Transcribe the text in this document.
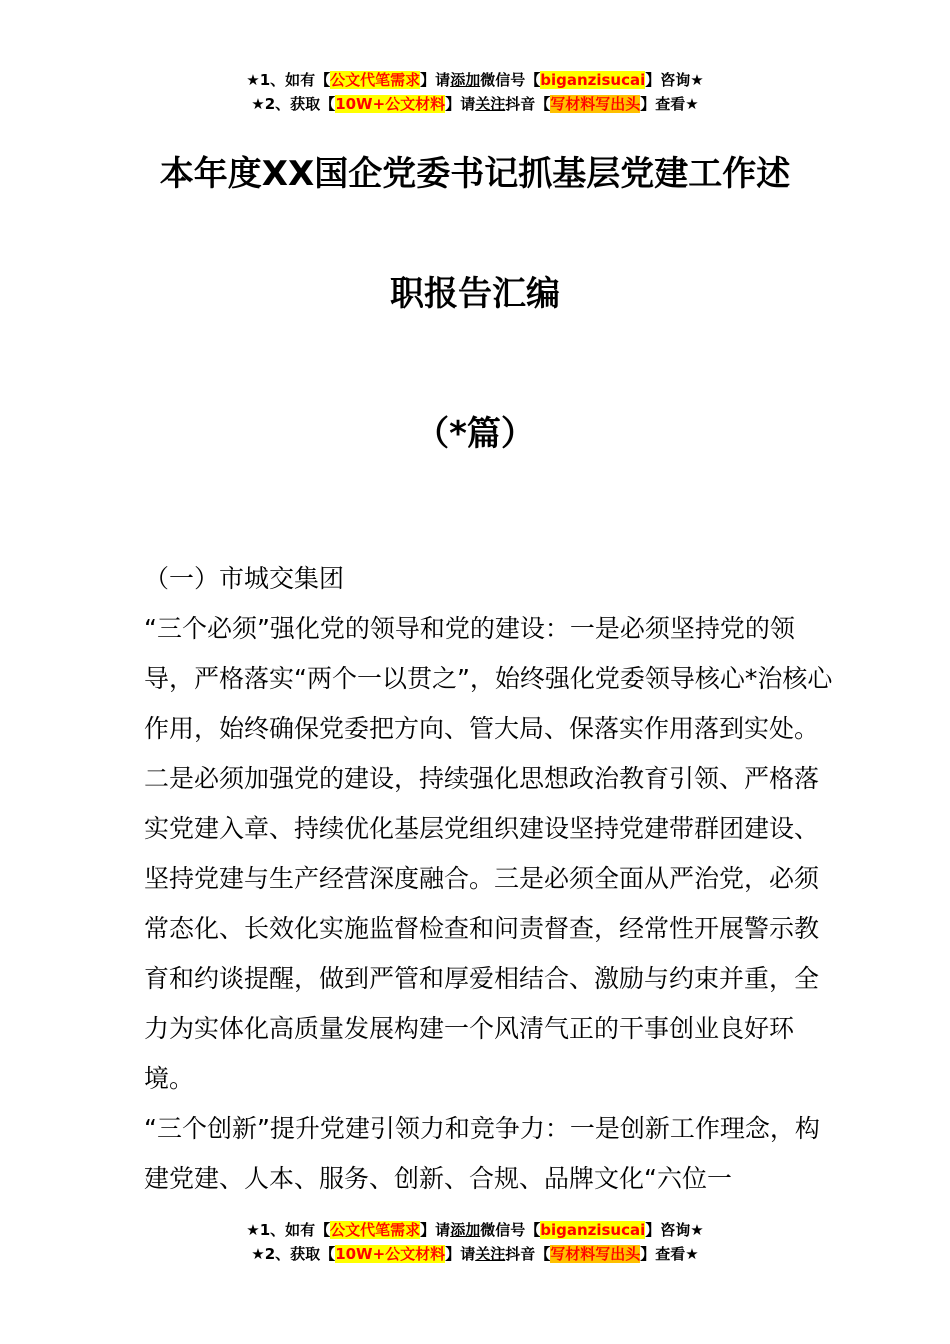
★1、如有【公文代笔需求】请添加微信号【biganzisucai】咨询★
★2、获取【10W+公文材料】请关注抖音【写材料写出头】查看★
本年度XX国企党委书记抓基层党建工作述
职报告汇编
（*篇）

（一）市城交集团

“三个必须”强化党的领导和党的建设：一是必须坚持党的领导，严格落实“两个一以贯之”，始终强化党委领导核心*治核心作用，始终确保党委把方向、管大局、保落实作用落到实处。二是必须加强党的建设，持续强化思想政治教育引领、严格落实党建入章、持续优化基层党组织建设坚持党建带群团建设、坚持党建与生产经营深度融合。三是必须全面从严治党，必须常态化、长效化实施监督检查和问责督查，经常性开展警示教育和约谈提醒，做到严管和厚爱相结合、激励与约束并重，全力为实体化高质量发展构建一个风清气正的干事创业良好环境。

“三个创新”提升党建引领力和竞争力：一是创新工作理念，构建党建、人本、服务、创新、合规、品牌文化“六位一

★1、如有【公文代笔需求】请添加微信号【biganzisucai】咨询★
★2、获取【10W+公文材料】请关注抖音【写材料写出头】查看★
